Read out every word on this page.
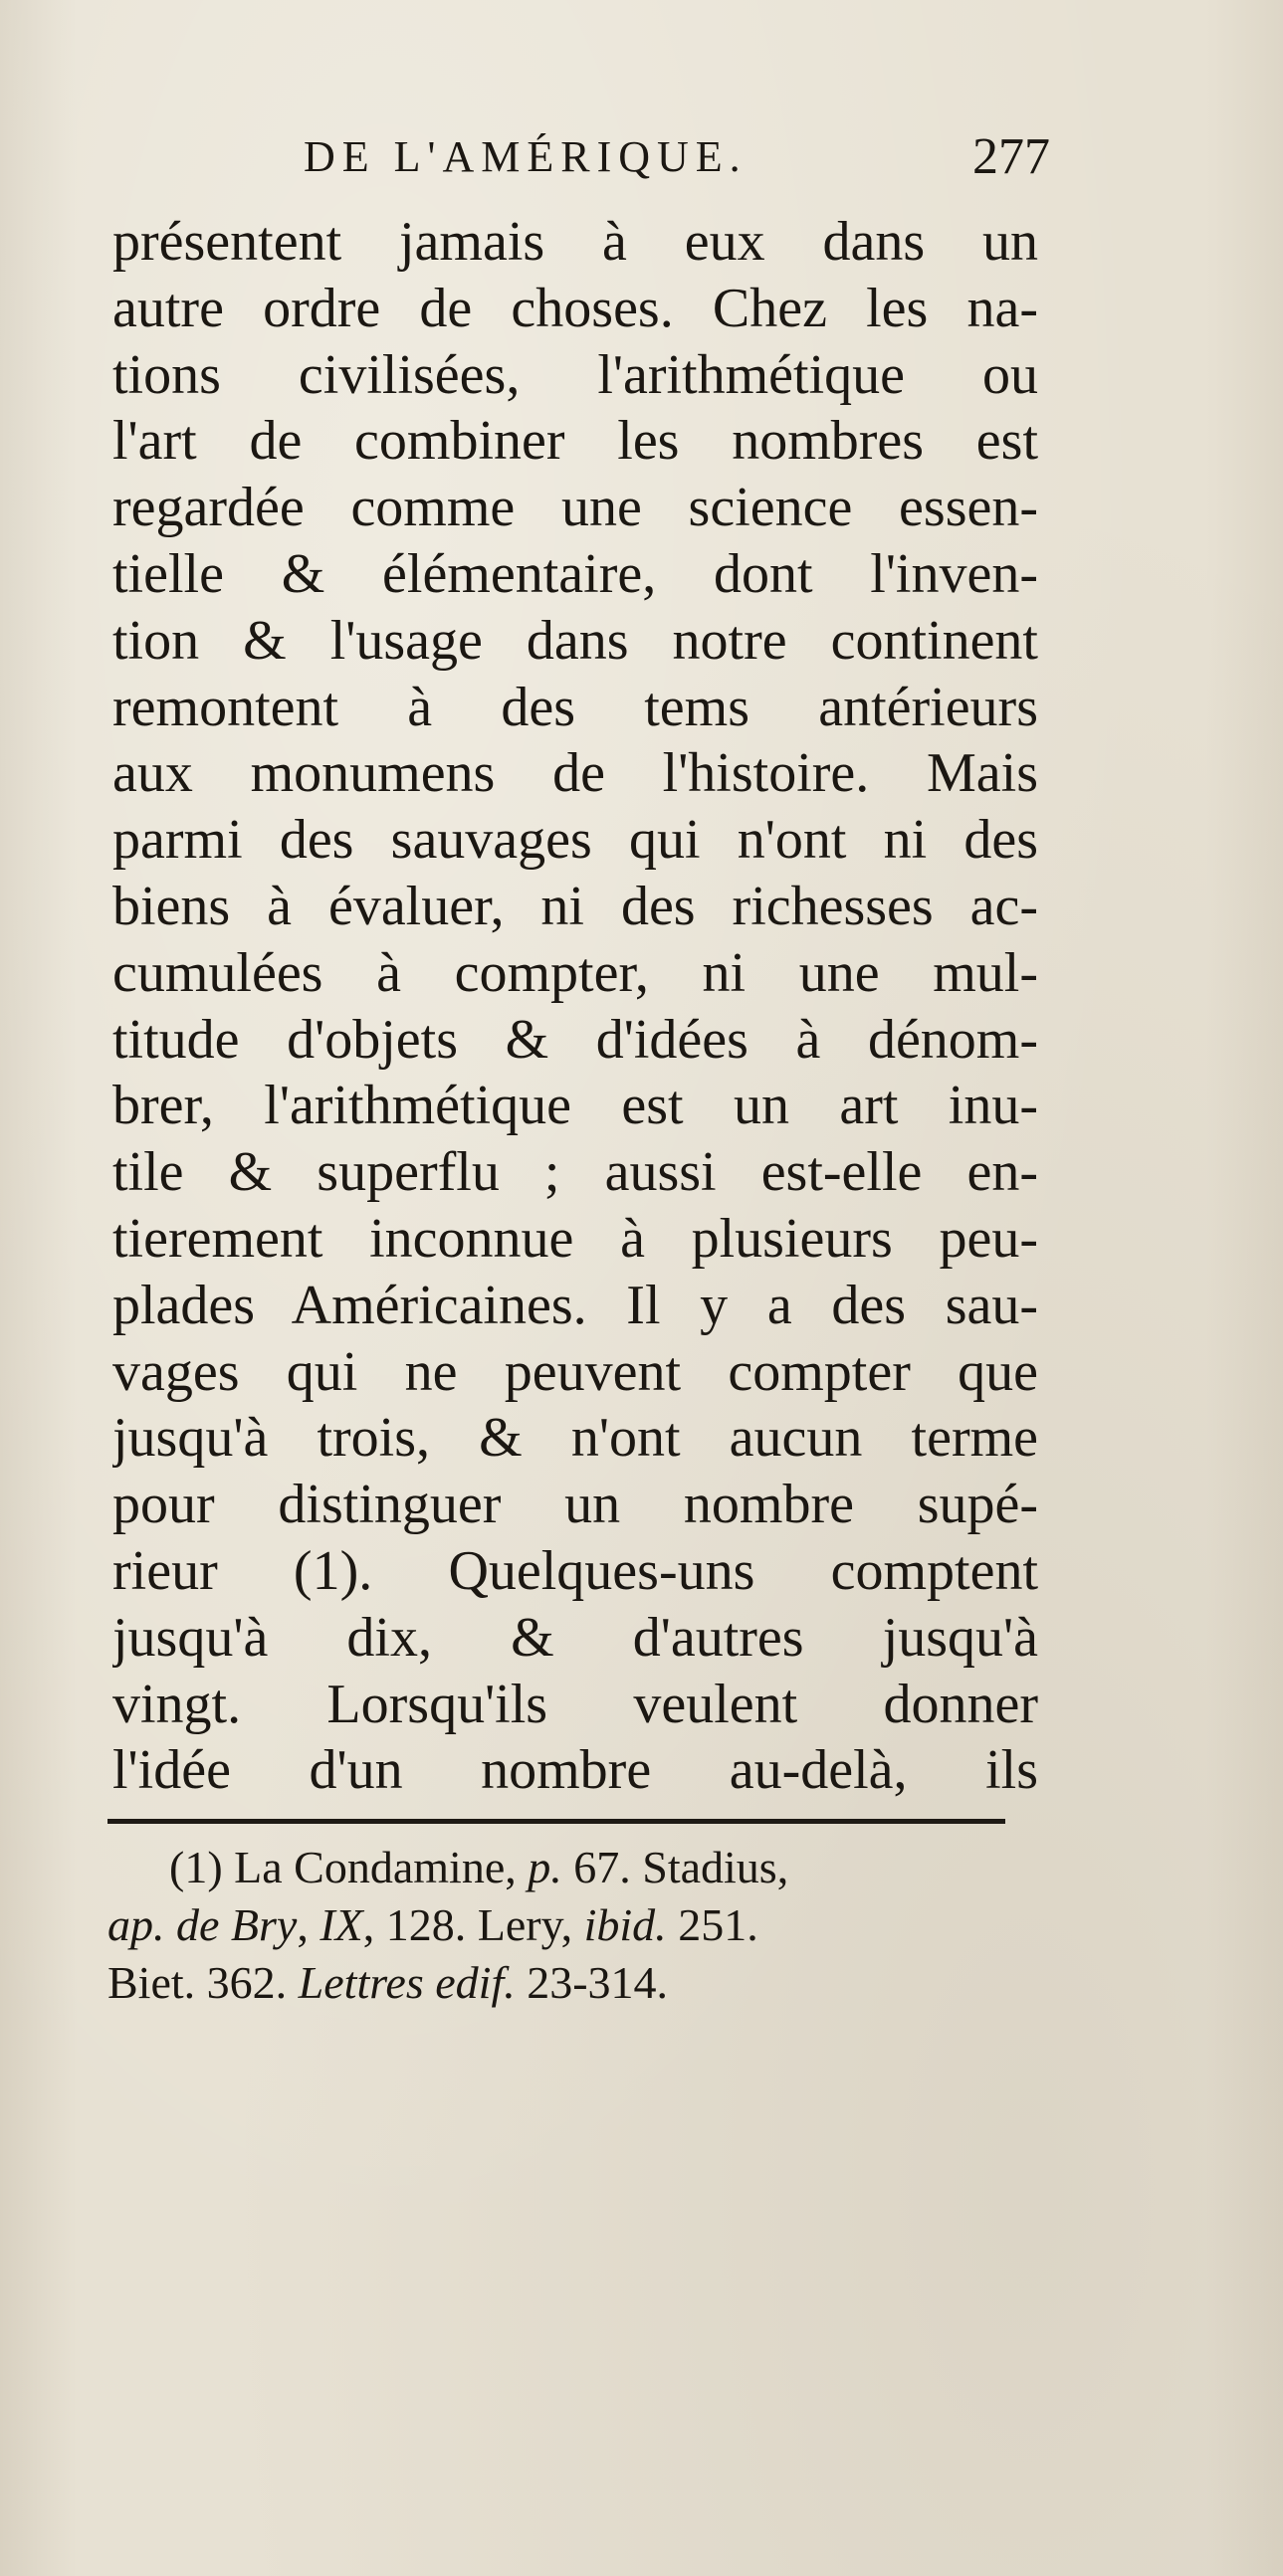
DE L'AMÉRIQUE.	277
présentent jamais à eux dans un
autre ordre de choses. Chez les na-
tions civilisées, l'arithmétique ou
l'art de combiner les nombres est
regardée comme une science essen-
tielle & élémentaire, dont l'inven-
tion & l'usage dans notre continent
remontent à des tems antérieurs
aux monumens de l'histoire. Mais
parmi des sauvages qui n'ont ni des
biens à évaluer, ni des richesses ac-
cumulées à compter, ni une mul-
titude d'objets & d'idées à dénom-
brer, l'arithmétique est un art inu-
tile & superflu ; aussi est-elle en-
tierement inconnue à plusieurs peu-
plades Américaines. Il y a des sau-
vages qui ne peuvent compter que
jusqu'à trois, & n'ont aucun terme
pour distinguer un nombre supé-
rieur (1). Quelques-uns comptent
jusqu'à dix, & d'autres jusqu'à
vingt. Lorsqu'ils veulent donner
l'idée d'un nombre au-delà, ils
(1) La Condamine, p. 67. Stadius,
ap. de Bry, IX, 128. Lery, ibid. 251.
Biet. 362. Lettres edif. 23-314.
